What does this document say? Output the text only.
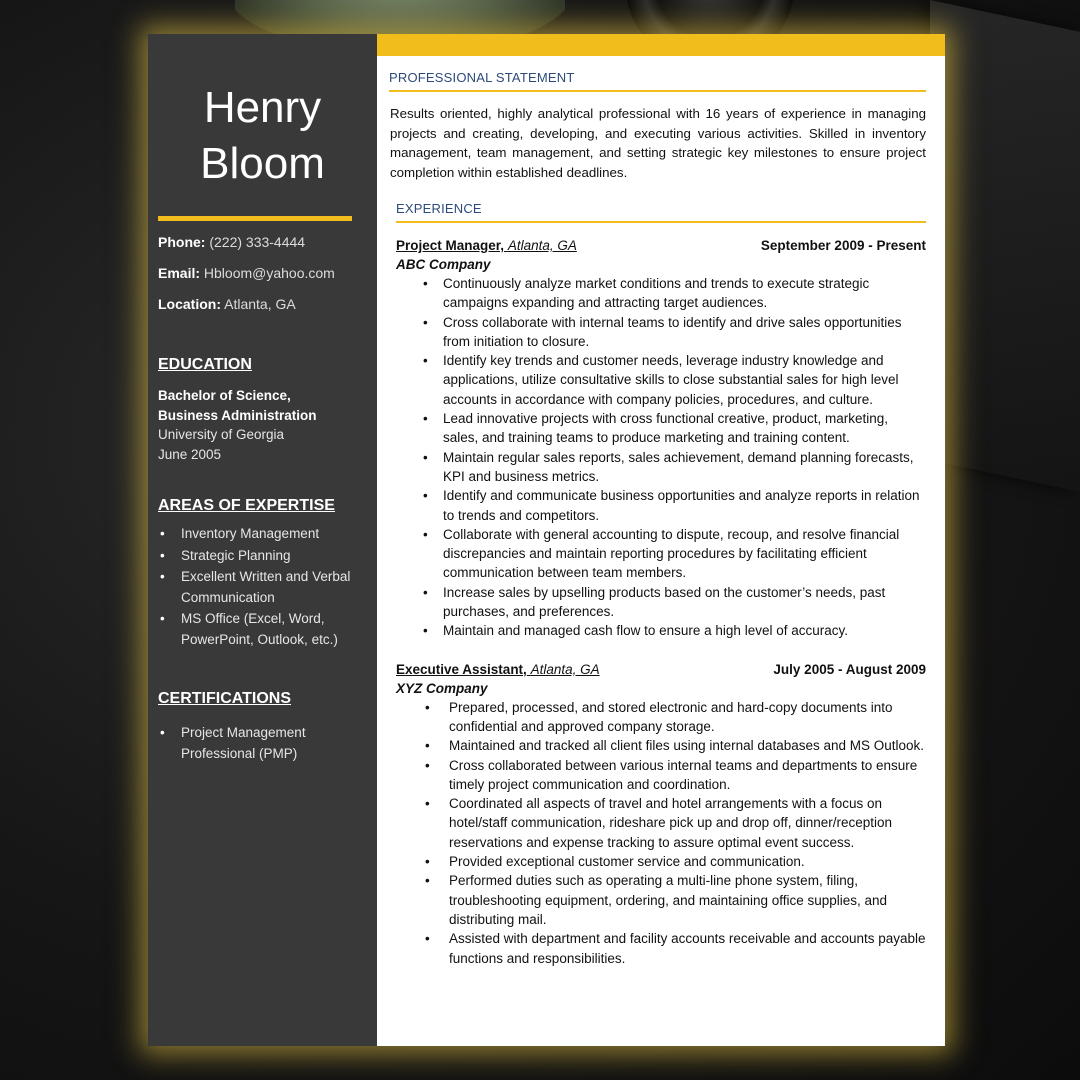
Henry
Bloom
Phone: (222) 333-4444
Email: Hbloom@yahoo.com
Location: Atlanta, GA
EDUCATION
Bachelor of Science,
Business Administration
University of Georgia
June 2005
AREAS OF EXPERTISE
• Inventory Management
• Strategic Planning
• Excellent Written and Verbal Communication
• MS Office (Excel, Word, PowerPoint, Outlook, etc.)
CERTIFICATIONS
• Project Management Professional (PMP)
PROFESSIONAL STATEMENT
Results oriented, highly analytical professional with 16 years of experience in managing projects and creating, developing, and executing various activities. Skilled in inventory management, team management, and setting strategic key milestones to ensure project completion within established deadlines.
EXPERIENCE
Project Manager, Atlanta, GA	September 2009 - Present
ABC Company
• Continuously analyze market conditions and trends to execute strategic campaigns expanding and attracting target audiences.
• Cross collaborate with internal teams to identify and drive sales opportunities from initiation to closure.
• Identify key trends and customer needs, leverage industry knowledge and applications, utilize consultative skills to close substantial sales for high level accounts in accordance with company policies, procedures, and culture.
• Lead innovative projects with cross functional creative, product, marketing, sales, and training teams to produce marketing and training content.
• Maintain regular sales reports, sales achievement, demand planning forecasts, KPI and business metrics.
• Identify and communicate business opportunities and analyze reports in relation to trends and competitors.
• Collaborate with general accounting to dispute, recoup, and resolve financial discrepancies and maintain reporting procedures by facilitating efficient communication between team members.
• Increase sales by upselling products based on the customer’s needs, past purchases, and preferences.
• Maintain and managed cash flow to ensure a high level of accuracy.
Executive Assistant, Atlanta, GA	July 2005 - August 2009
XYZ Company
• Prepared, processed, and stored electronic and hard-copy documents into confidential and approved company storage.
• Maintained and tracked all client files using internal databases and MS Outlook.
• Cross collaborated between various internal teams and departments to ensure timely project communication and coordination.
• Coordinated all aspects of travel and hotel arrangements with a focus on hotel/staff communication, rideshare pick up and drop off, dinner/reception reservations and expense tracking to assure optimal event success.
• Provided exceptional customer service and communication.
• Performed duties such as operating a multi-line phone system, filing, troubleshooting equipment, ordering, and maintaining office supplies, and distributing mail.
• Assisted with department and facility accounts receivable and accounts payable functions and responsibilities.
